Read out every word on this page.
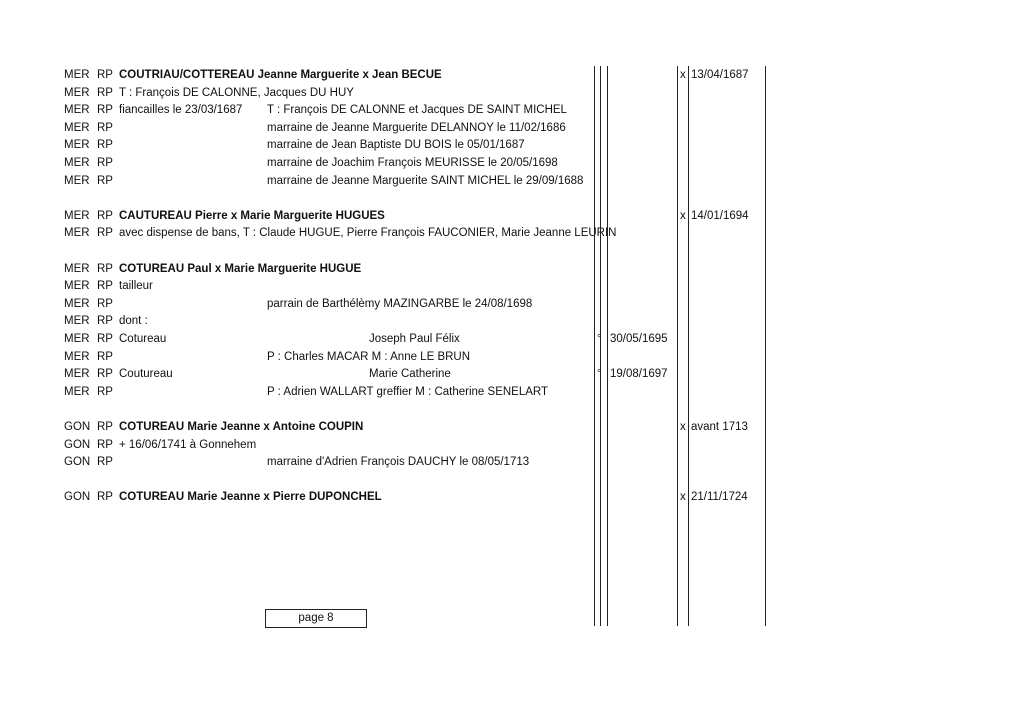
MER RP COUTRIAU/COTTEREAU Jeanne Marguerite x Jean BECUE	x 13/04/1687
MER RP T : François DE CALONNE, Jacques DU HUY
MER RP fiancailles le 23/03/1687 T : François DE CALONNE et Jacques DE SAINT MICHEL
MER RP	marraine de Jeanne Marguerite DELANNOY le 11/02/1686
MER RP	marraine de Jean Baptiste DU BOIS le 05/01/1687
MER RP	marraine de Joachim François MEURISSE le 20/05/1698
MER RP	marraine de Jeanne Marguerite SAINT MICHEL le 29/09/1688
MER RP CAUTUREAU Pierre x Marie Marguerite HUGUES	x 14/01/1694
MER RP avec dispense de bans, T : Claude HUGUE, Pierre François FAUCONIER, Marie Jeanne LEURIN
MER RP COTUREAU Paul x Marie Marguerite HUGUE
MER RP tailleur
MER RP	parrain de Barthélèmy MAZINGARBE le 24/08/1698
MER RP dont :
MER RP Cotureau	Joseph Paul Félix	° 30/05/1695
MER RP	P : Charles MACAR M : Anne LE BRUN
MER RP Coutureau	Marie Catherine	° 19/08/1697
MER RP	P : Adrien WALLART greffier M : Catherine SENELART
GON RP COTUREAU Marie Jeanne x Antoine COUPIN	x avant 1713
GON RP + 16/06/1741 à Gonnehem
GON RP	marraine d'Adrien François DAUCHY le 08/05/1713
GON RP COTUREAU Marie Jeanne x Pierre DUPONCHEL	x 21/11/1724
page 8
